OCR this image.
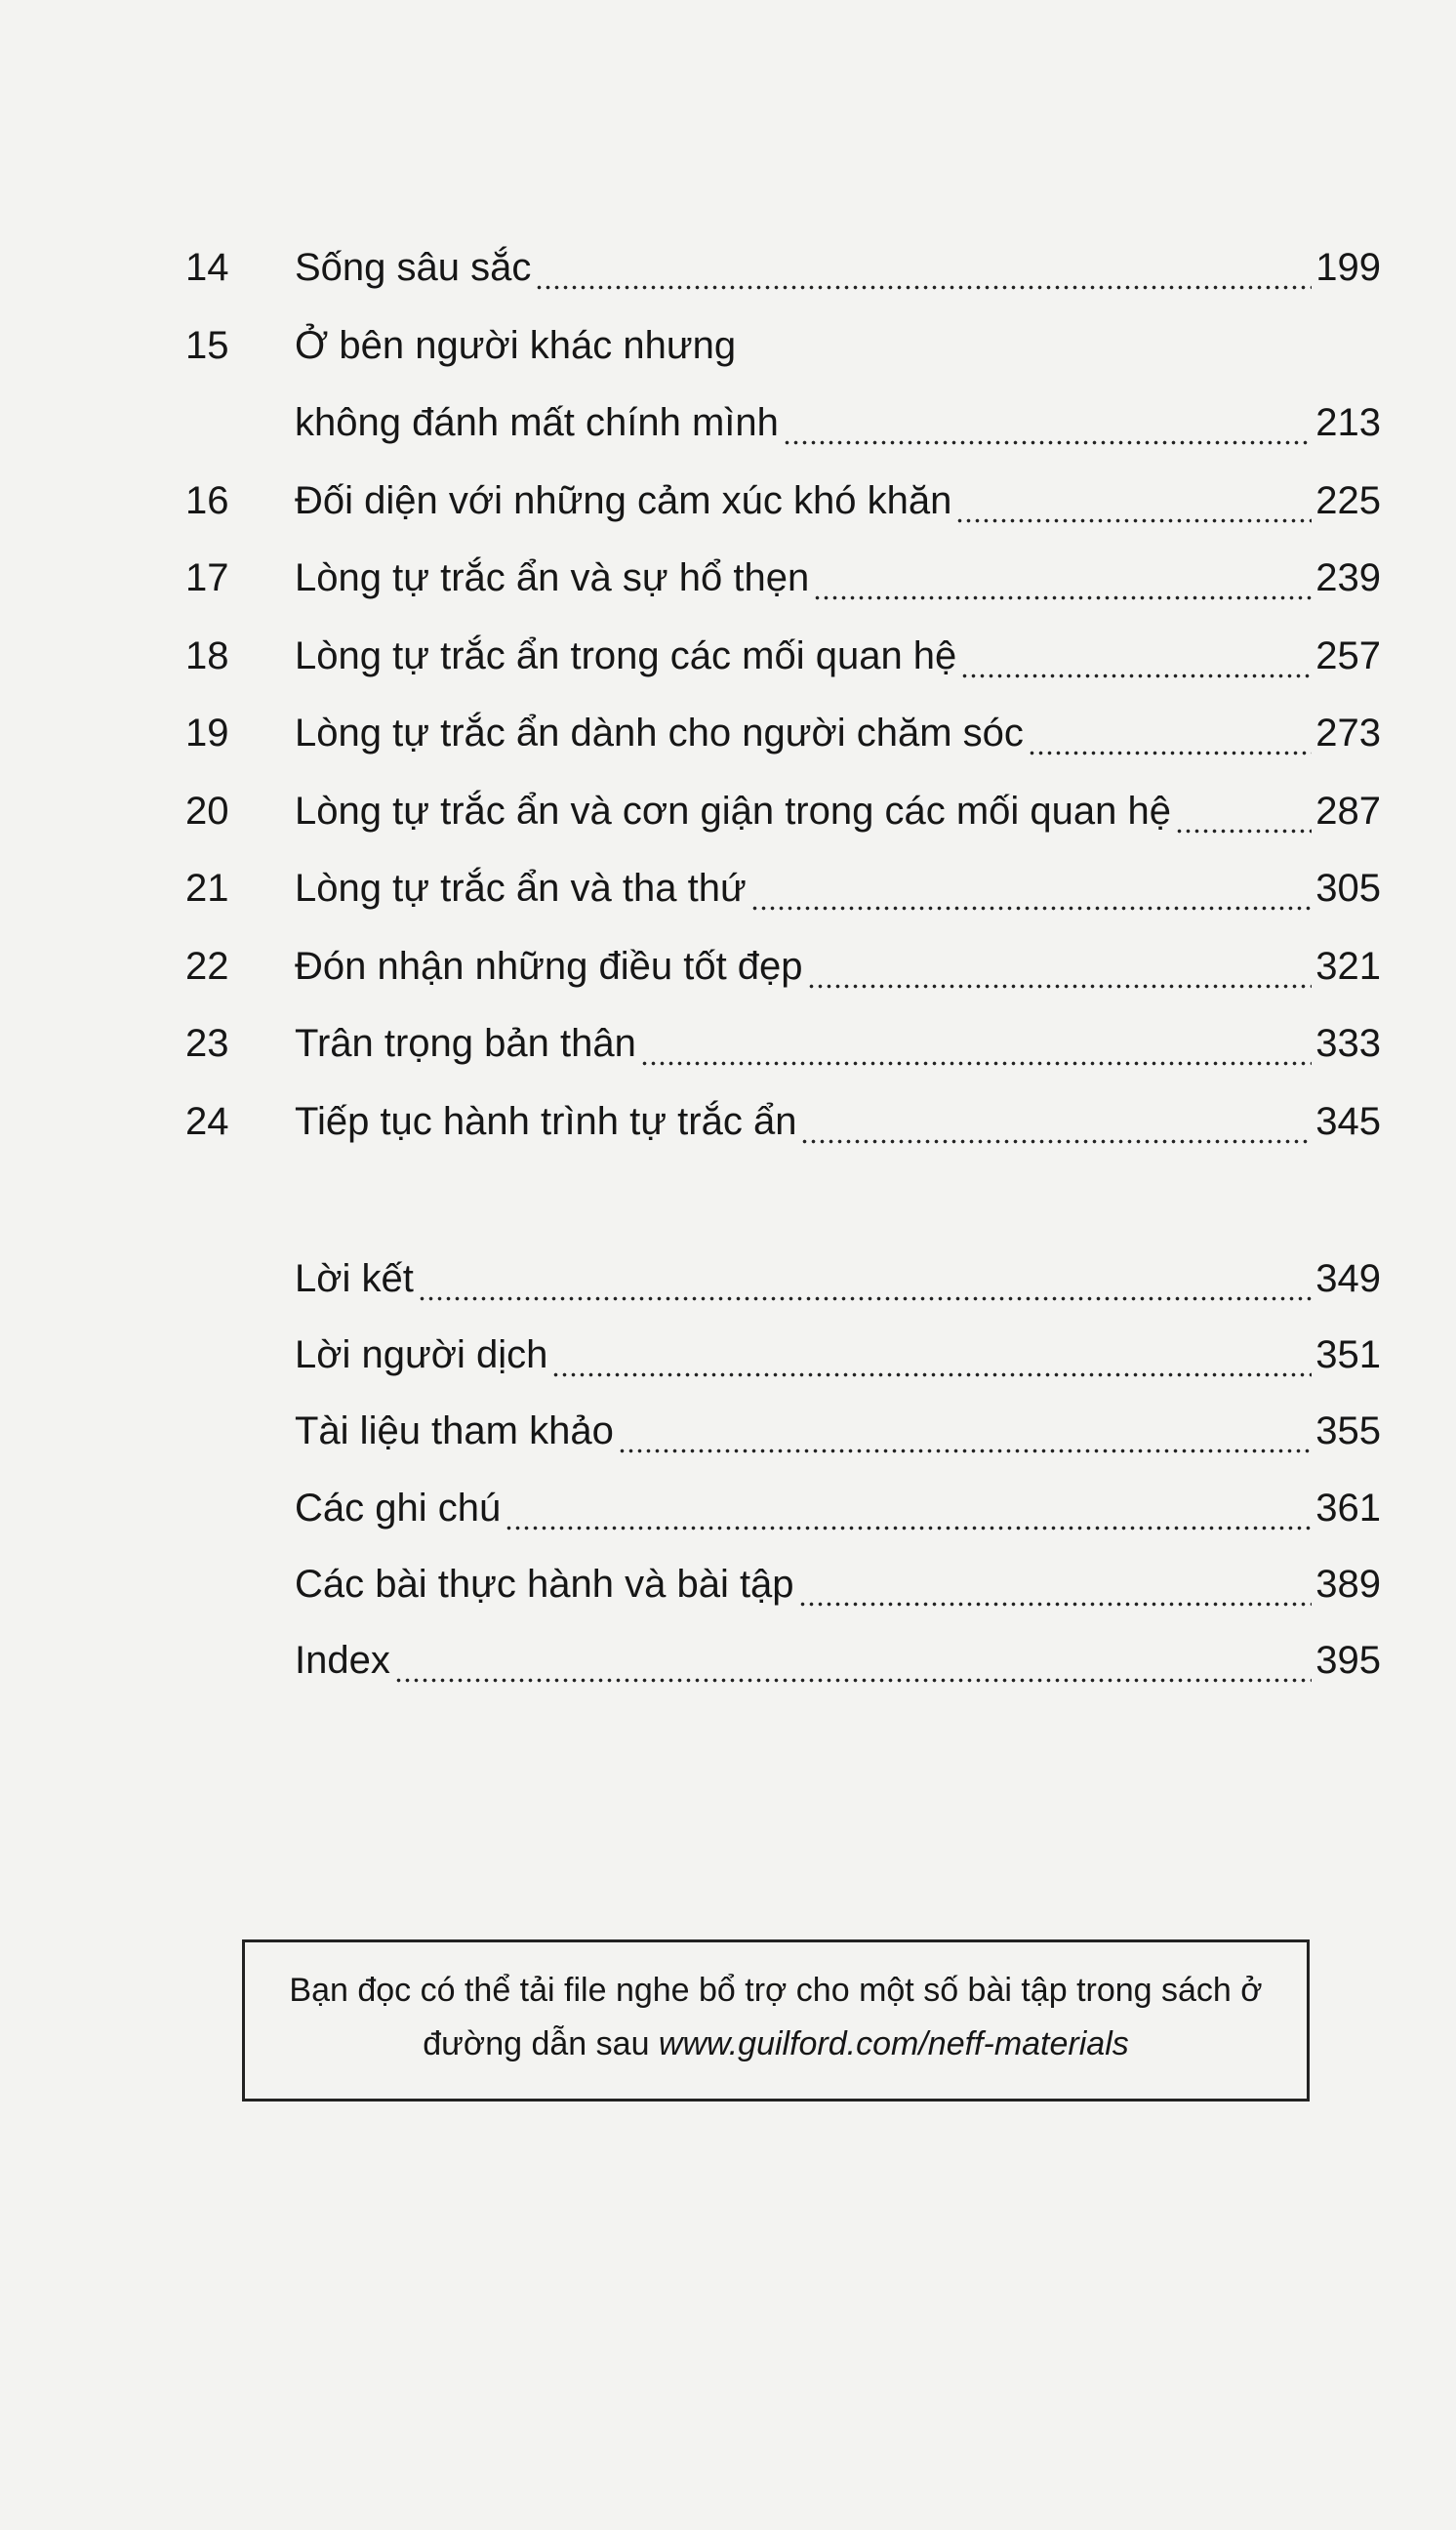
14	Sống sâu sắc	199
15	Ở bên người khác nhưng
không đánh mất chính mình	213
16	Đối diện với những cảm xúc khó khăn	225
17	Lòng tự trắc ẩn và sự hổ thẹn	239
18	Lòng tự trắc ẩn trong các mối quan hệ	257
19	Lòng tự trắc ẩn dành cho người chăm sóc	273
20	Lòng tự trắc ẩn và cơn giận trong các mối quan hệ	287
21	Lòng tự trắc ẩn và tha thứ	305
22	Đón nhận những điều tốt đẹp	321
23	Trân trọng bản thân	333
24	Tiếp tục hành trình tự trắc ẩn	345
Lời kết	349
Lời người dịch	351
Tài liệu tham khảo	355
Các ghi chú	361
Các bài thực hành và bài tập	389
Index	395
Bạn đọc có thể tải file nghe bổ trợ cho một số bài tập trong sách ở
đường dẫn sau www.guilford.com/neff-materials
